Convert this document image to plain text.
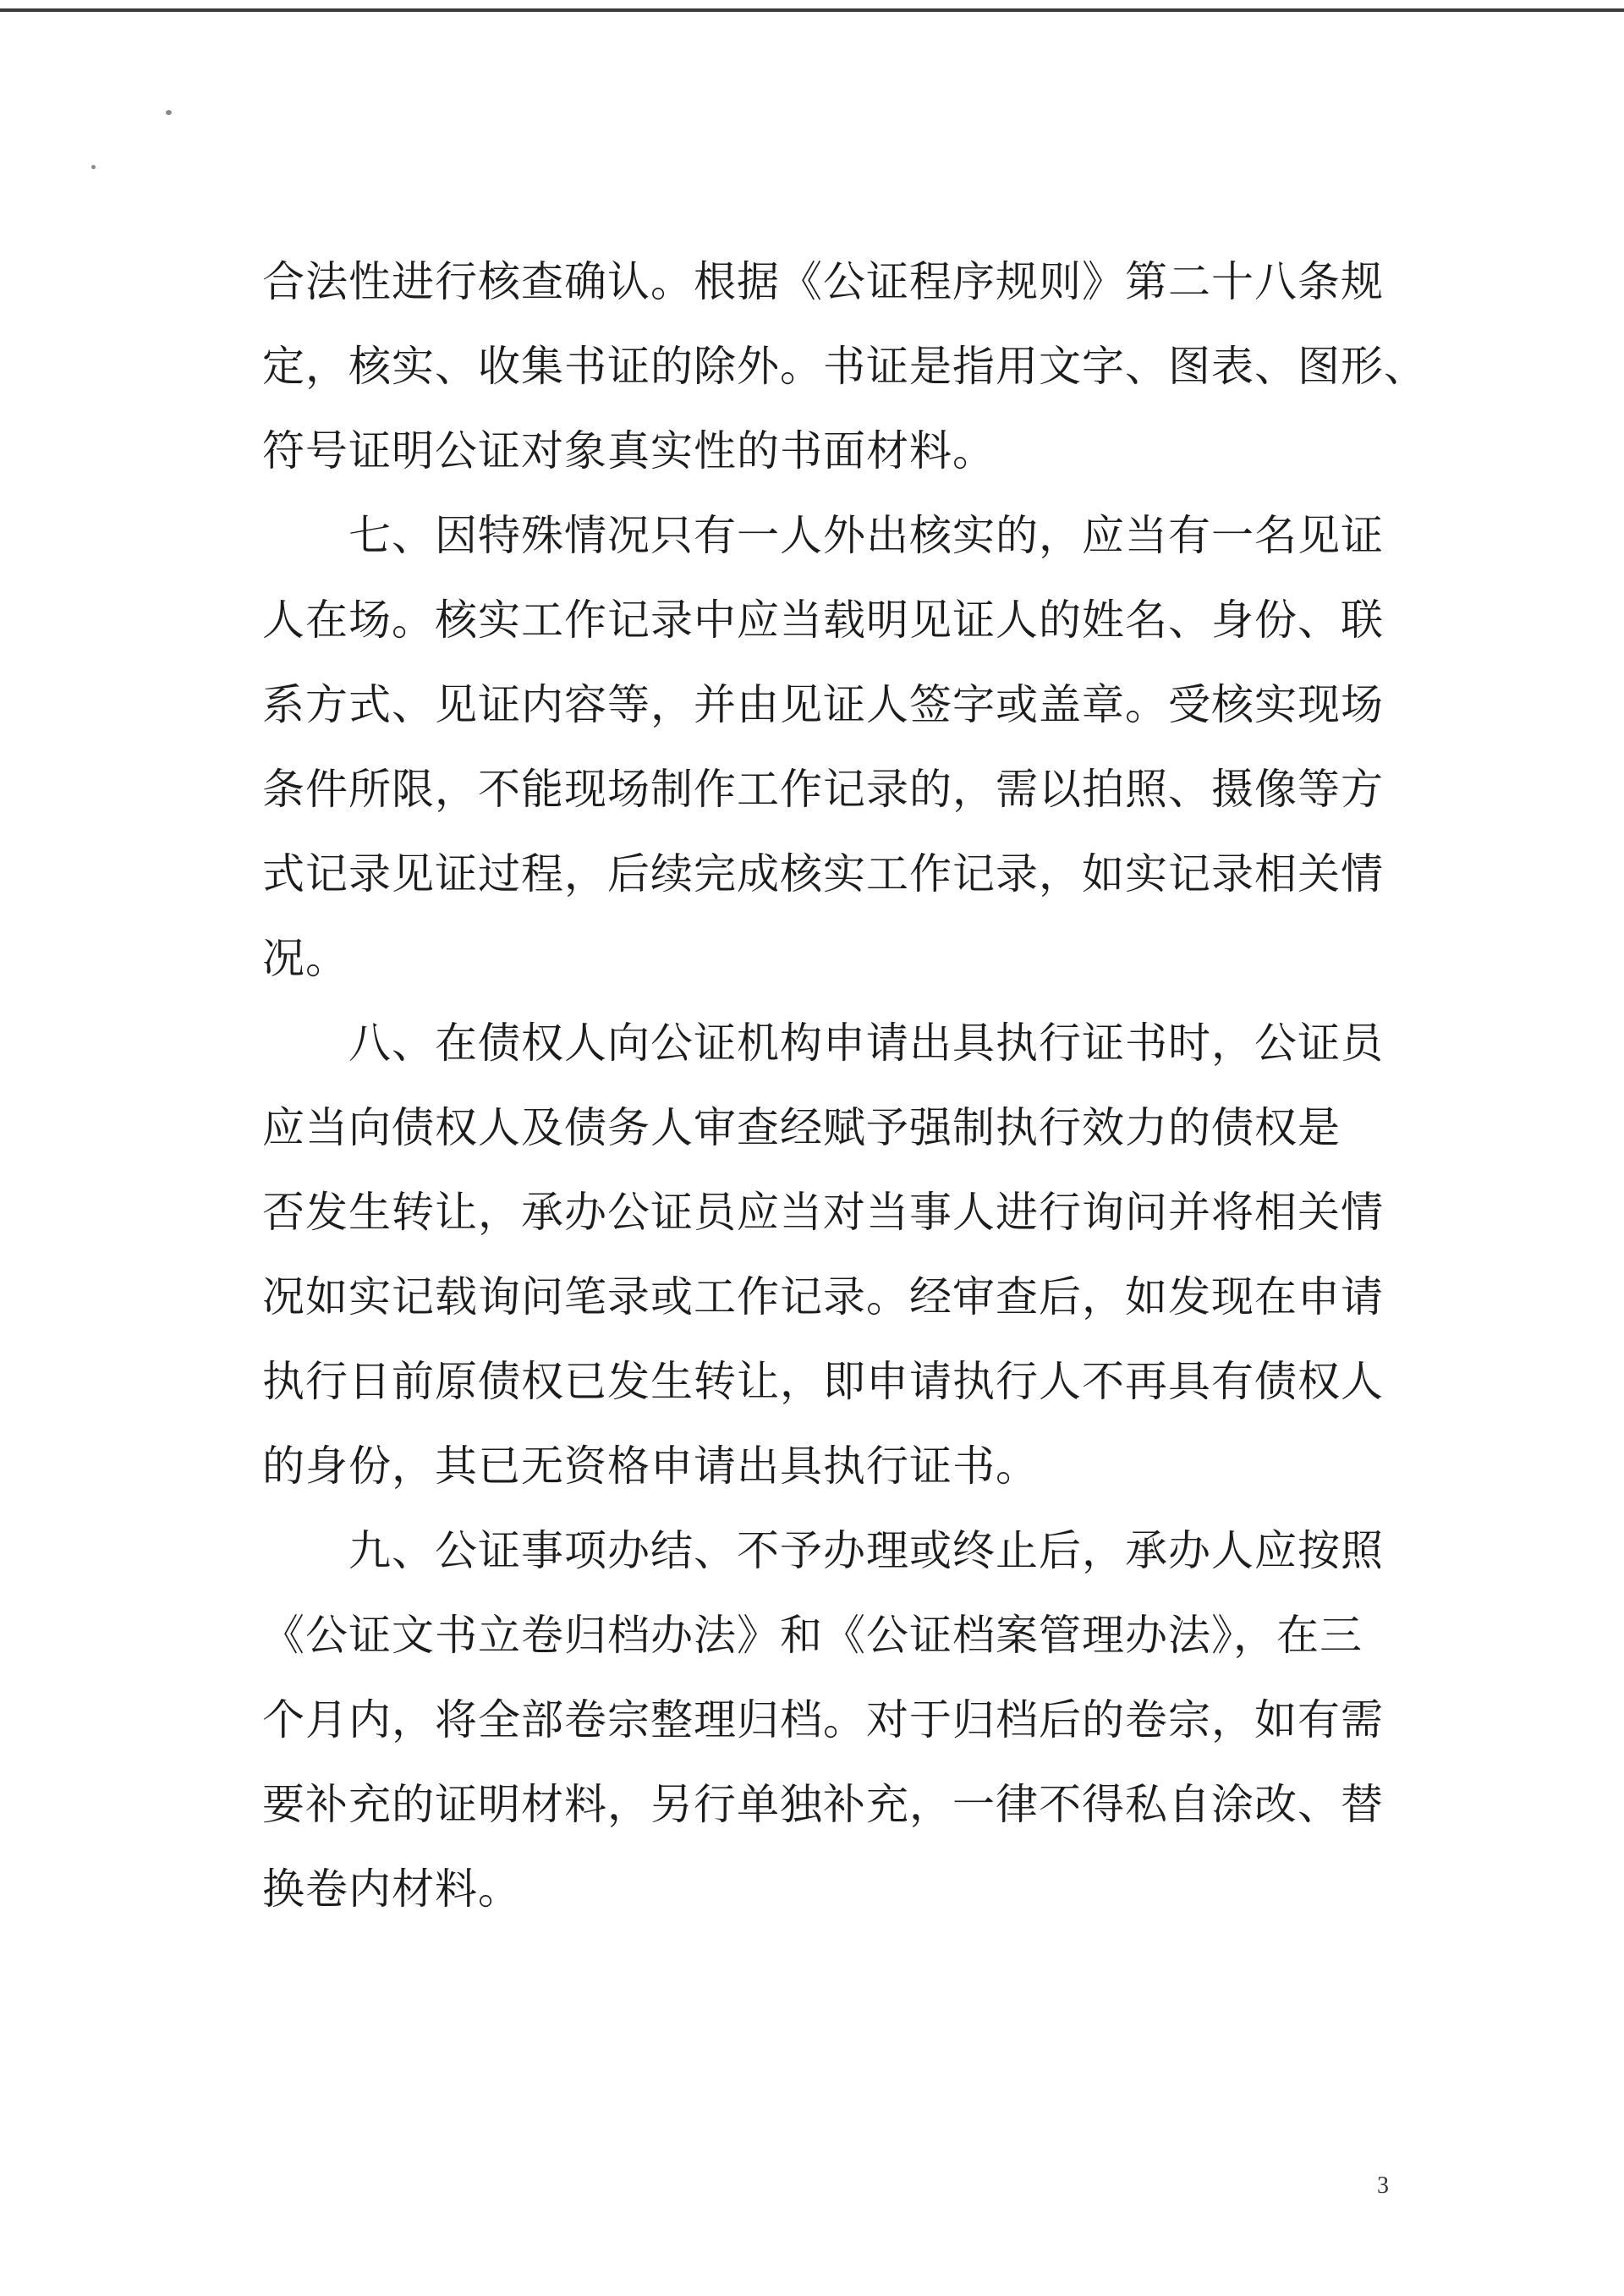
合法性进行核查确认。根据《公证程序规则》第二十八条规
定，核实、收集书证的除外。书证是指用文字、图表、图形、
符号证明公证对象真实性的书面材料。
　　七、因特殊情况只有一人外出核实的，应当有一名见证
人在场。核实工作记录中应当载明见证人的姓名、身份、联
系方式、见证内容等，并由见证人签字或盖章。受核实现场
条件所限，不能现场制作工作记录的，需以拍照、摄像等方
式记录见证过程，后续完成核实工作记录，如实记录相关情
况。
　　八、在债权人向公证机构申请出具执行证书时，公证员
应当向债权人及债务人审查经赋予强制执行效力的债权是
否发生转让，承办公证员应当对当事人进行询问并将相关情
况如实记载询问笔录或工作记录。经审查后，如发现在申请
执行日前原债权已发生转让，即申请执行人不再具有债权人
的身份，其已无资格申请出具执行证书。
　　九、公证事项办结、不予办理或终止后，承办人应按照
《公证文书立卷归档办法》和《公证档案管理办法》，在三
个月内，将全部卷宗整理归档。对于归档后的卷宗，如有需
要补充的证明材料，另行单独补充，一律不得私自涂改、替
换卷内材料。
3
